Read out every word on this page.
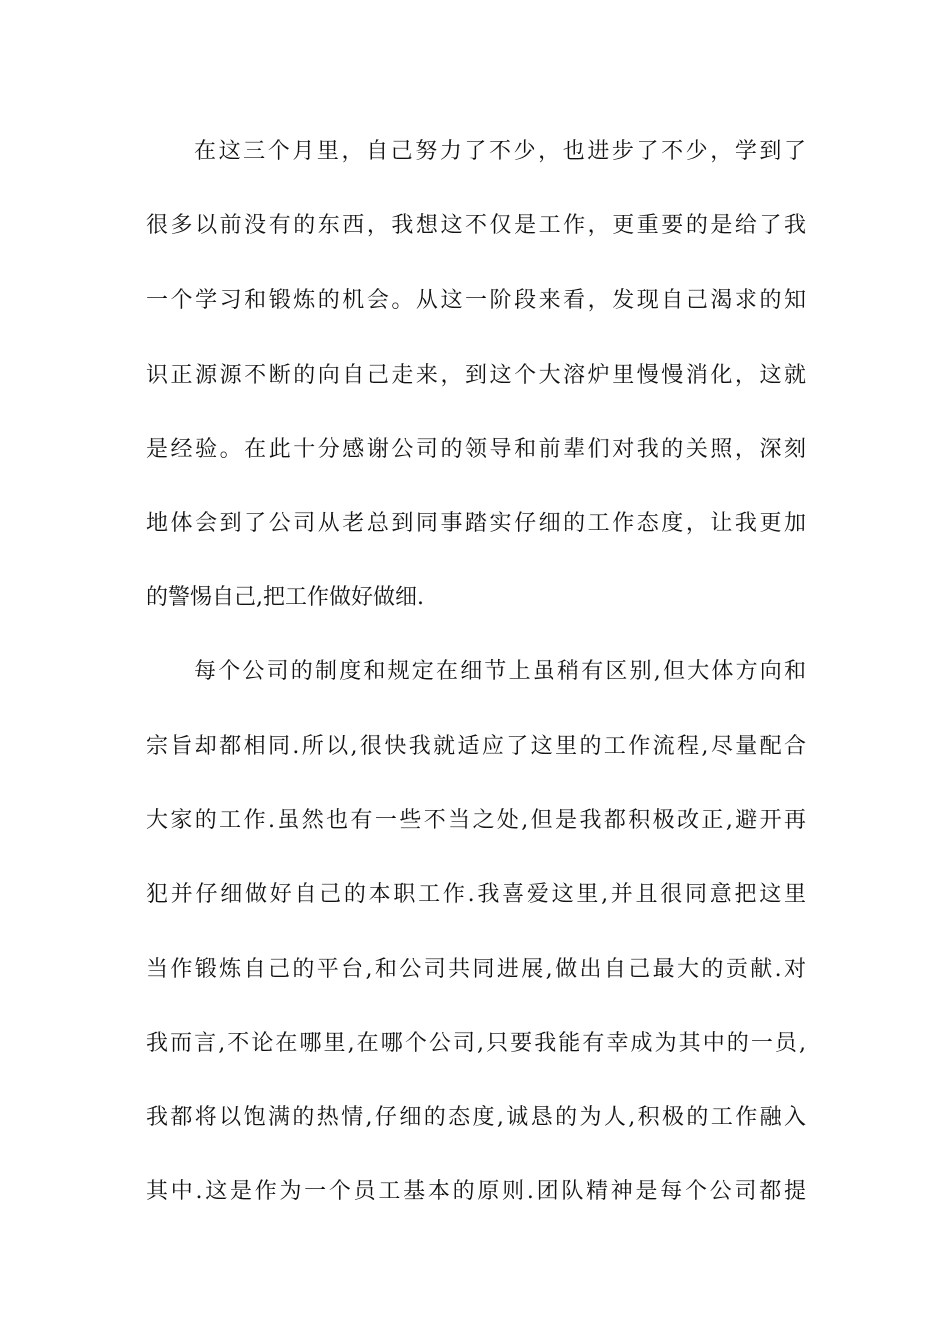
在这三个月里，自己努力了不少，也进步了不少，学到了
很多以前没有的东西，我想这不仅是工作，更重要的是给了我
一个学习和锻炼的机会。从这一阶段来看，发现自己渴求的知
识正源源不断的向自己走来，到这个大溶炉里慢慢消化，这就
是经验。在此十分感谢公司的领导和前辈们对我的关照，深刻
地体会到了公司从老总到同事踏实仔细的工作态度，让我更加
的警惕自己,把工作做好做细.
每个公司的制度和规定在细节上虽稍有区别,但大体方向和
宗旨却都相同.所以,很快我就适应了这里的工作流程,尽量配合
大家的工作.虽然也有一些不当之处,但是我都积极改正,避开再
犯并仔细做好自己的本职工作.我喜爱这里,并且很同意把这里
当作锻炼自己的平台,和公司共同进展,做出自己最大的贡献.对
我而言,不论在哪里,在哪个公司,只要我能有幸成为其中的一员,
我都将以饱满的热情,仔细的态度,诚恳的为人,积极的工作融入
其中.这是作为一个员工基本的原则.团队精神是每个公司都提
